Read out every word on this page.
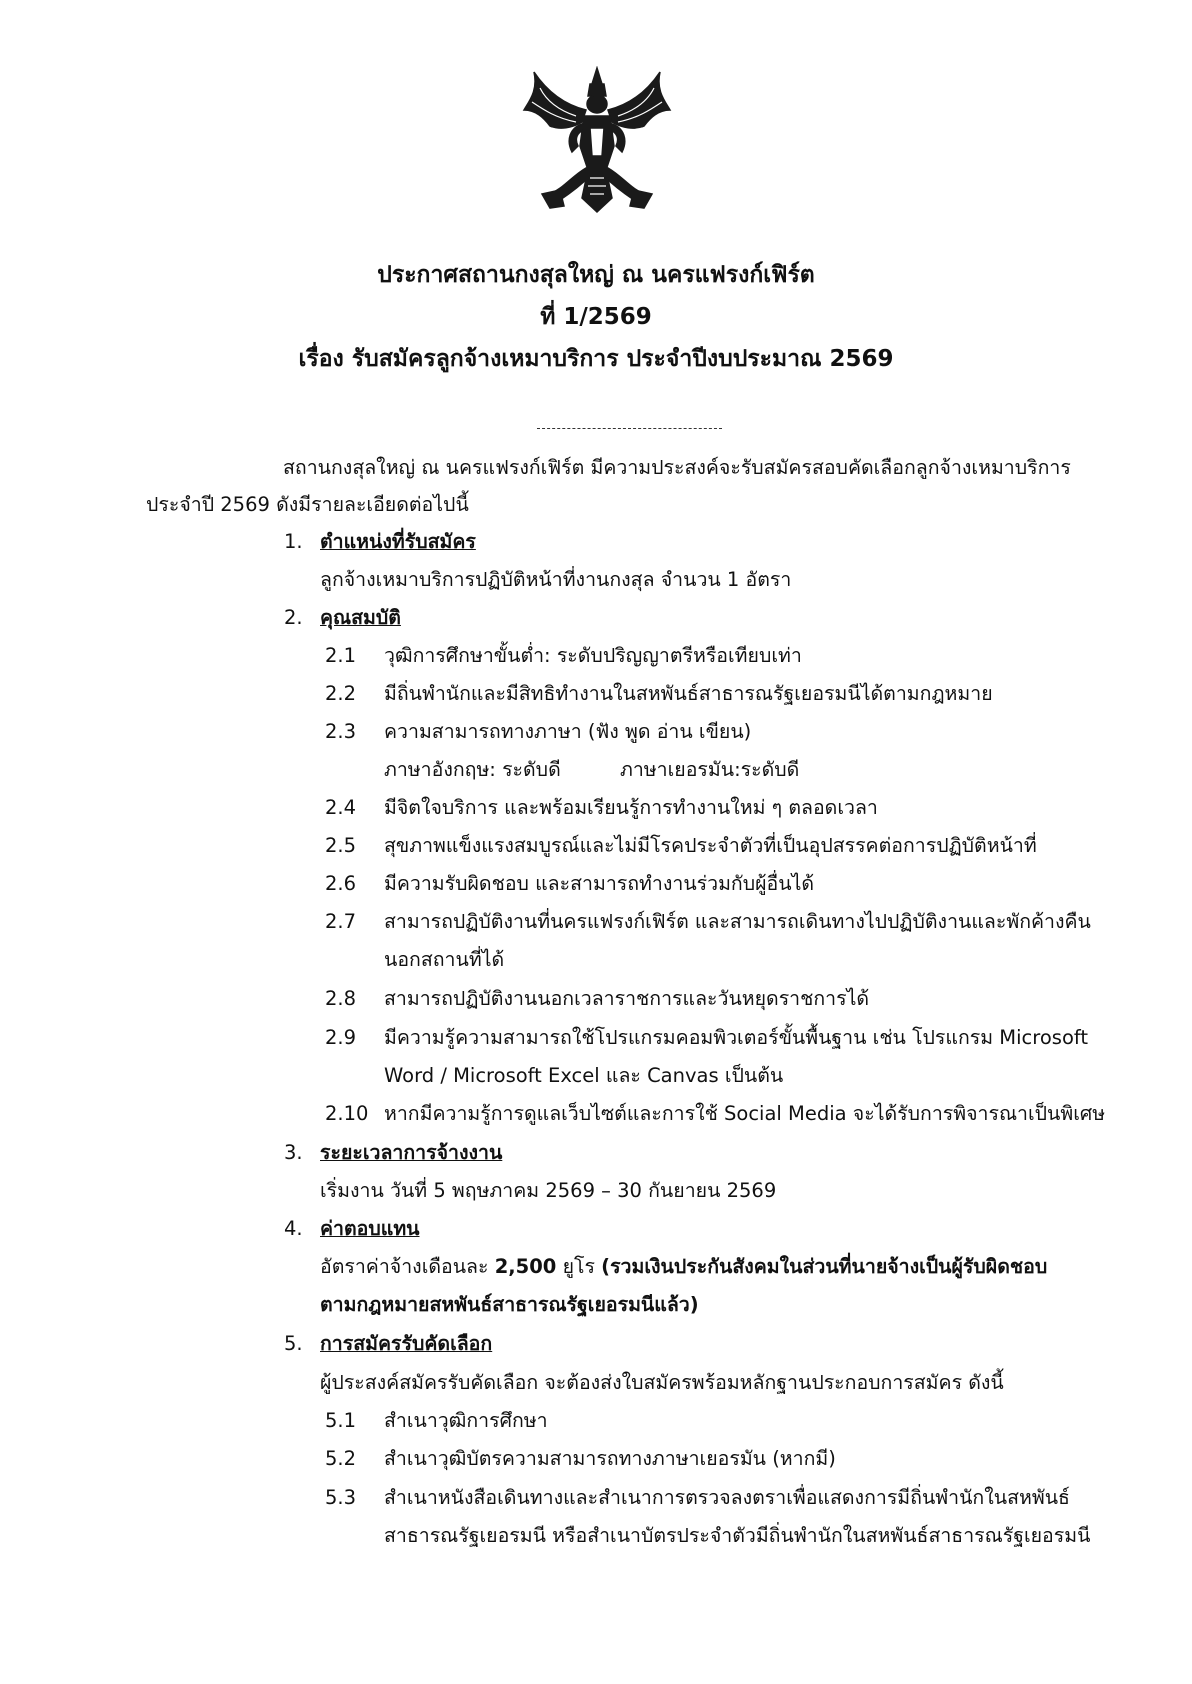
ประกาศสถานกงสุลใหญ่ ณ นครแฟรงก์เฟิร์ต
ที่ 1/2569
เรื่อง รับสมัครลูกจ้างเหมาบริการ ประจำปีงบประมาณ 2569
สถานกงสุลใหญ่ ณ นครแฟรงก์เฟิร์ต มีความประสงค์จะรับสมัครสอบคัดเลือกลูกจ้างเหมาบริการ
ประจำปี 2569 ดังมีรายละเอียดต่อไปนี้
1. ตำแหน่งที่รับสมัคร
ลูกจ้างเหมาบริการปฏิบัติหน้าที่งานกงสุล จำนวน 1 อัตรา
2. คุณสมบัติ
2.1 วุฒิการศึกษาขั้นต่ำ: ระดับปริญญาตรีหรือเทียบเท่า
2.2 มีถิ่นพำนักและมีสิทธิทำงานในสหพันธ์สาธารณรัฐเยอรมนีได้ตามกฎหมาย
2.3 ความสามารถทางภาษา (ฟัง พูด อ่าน เขียน)
ภาษาอังกฤษ: ระดับดี	ภาษาเยอรมัน:ระดับดี
2.4 มีจิตใจบริการ และพร้อมเรียนรู้การทำงานใหม่ ๆ ตลอดเวลา
2.5 สุขภาพแข็งแรงสมบูรณ์และไม่มีโรคประจำตัวที่เป็นอุปสรรคต่อการปฏิบัติหน้าที่
2.6 มีความรับผิดชอบ และสามารถทำงานร่วมกับผู้อื่นได้
2.7 สามารถปฏิบัติงานที่นครแฟรงก์เฟิร์ต และสามารถเดินทางไปปฏิบัติงานและพักค้างคืน
นอกสถานที่ได้
2.8 สามารถปฏิบัติงานนอกเวลาราชการและวันหยุดราชการได้
2.9 มีความรู้ความสามารถใช้โปรแกรมคอมพิวเตอร์ขั้นพื้นฐาน เช่น โปรแกรม Microsoft
Word / Microsoft Excel และ Canvas เป็นต้น
2.10 หากมีความรู้การดูแลเว็บไซต์และการใช้ Social Media จะได้รับการพิจารณาเป็นพิเศษ
3. ระยะเวลาการจ้างงาน
เริ่มงาน วันที่ 5 พฤษภาคม 2569 – 30 กันยายน 2569
4. ค่าตอบแทน
อัตราค่าจ้างเดือนละ 2,500 ยูโร (รวมเงินประกันสังคมในส่วนที่นายจ้างเป็นผู้รับผิดชอบ
ตามกฎหมายสหพันธ์สาธารณรัฐเยอรมนีแล้ว)
5. การสมัครรับคัดเลือก
ผู้ประสงค์สมัครรับคัดเลือก จะต้องส่งใบสมัครพร้อมหลักฐานประกอบการสมัคร ดังนี้
5.1 สำเนาวุฒิการศึกษา
5.2 สำเนาวุฒิบัตรความสามารถทางภาษาเยอรมัน (หากมี)
5.3 สำเนาหนังสือเดินทางและสำเนาการตรวจลงตราเพื่อแสดงการมีถิ่นพำนักในสหพันธ์
สาธารณรัฐเยอรมนี หรือสำเนาบัตรประจำตัวมีถิ่นพำนักในสหพันธ์สาธารณรัฐเยอรมนี
